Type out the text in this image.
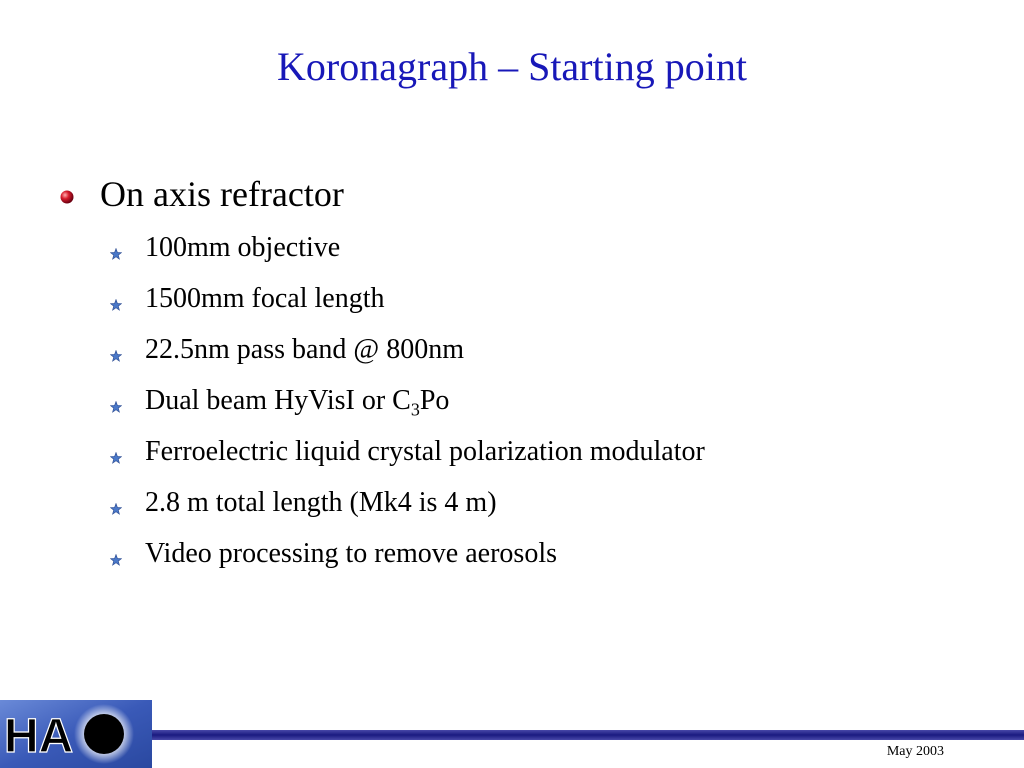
Koronagraph – Starting point
On axis refractor
100mm objective
1500mm focal length
22.5nm pass band @ 800nm
Dual beam HyVisI or $C_3Po$
Ferroelectric liquid crystal polarization modulator
2.8 m total length (Mk4 is 4 m)
Video processing to remove aerosols
HA	May 2003
